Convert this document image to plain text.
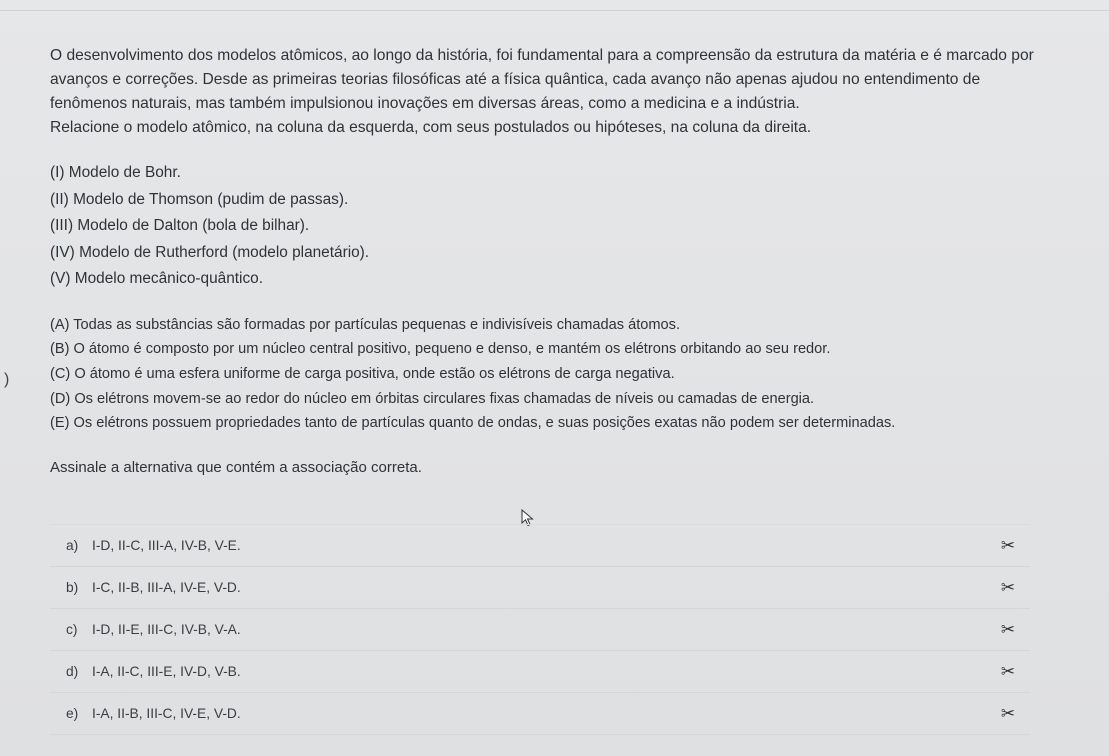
)

O desenvolvimento dos modelos atômicos, ao longo da história, foi fundamental para a compreensão da estrutura da matéria e é marcado por avanços e correções. Desde as primeiras teorias filosóficas até a física quântica, cada avanço não apenas ajudou no entendimento de fenômenos naturais, mas também impulsionou inovações em diversas áreas, como a medicina e a indústria.

Relacione o modelo atômico, na coluna da esquerda, com seus postulados ou hipóteses, na coluna da direita.

(I) Modelo de Bohr.
(II) Modelo de Thomson (pudim de passas).
(III) Modelo de Dalton (bola de bilhar).
(IV) Modelo de Rutherford (modelo planetário).
(V) Modelo mecânico-quântico.
(A) Todas as substâncias são formadas por partículas pequenas e indivisíveis chamadas átomos.
(B) O átomo é composto por um núcleo central positivo, pequeno e denso, e mantém os elétrons orbitando ao seu redor.
(C) O átomo é uma esfera uniforme de carga positiva, onde estão os elétrons de carga negativa.
(D) Os elétrons movem-se ao redor do núcleo em órbitas circulares fixas chamadas de níveis ou camadas de energia.
(E) Os elétrons possuem propriedades tanto de partículas quanto de ondas, e suas posições exatas não podem ser determinadas.
Assinale a alternativa que contém a associação correta.
a) I-D, II-C, III-A, IV-B, V-E.	✂
b) I-C, II-B, III-A, IV-E, V-D.	✂
c)	I-D, II-E, III-C, IV-B, V-A.	✂
d) I-A, II-C, III-E, IV-D, V-B.	✂
e) I-A, II-B, III-C, IV-E, V-D.	✂
